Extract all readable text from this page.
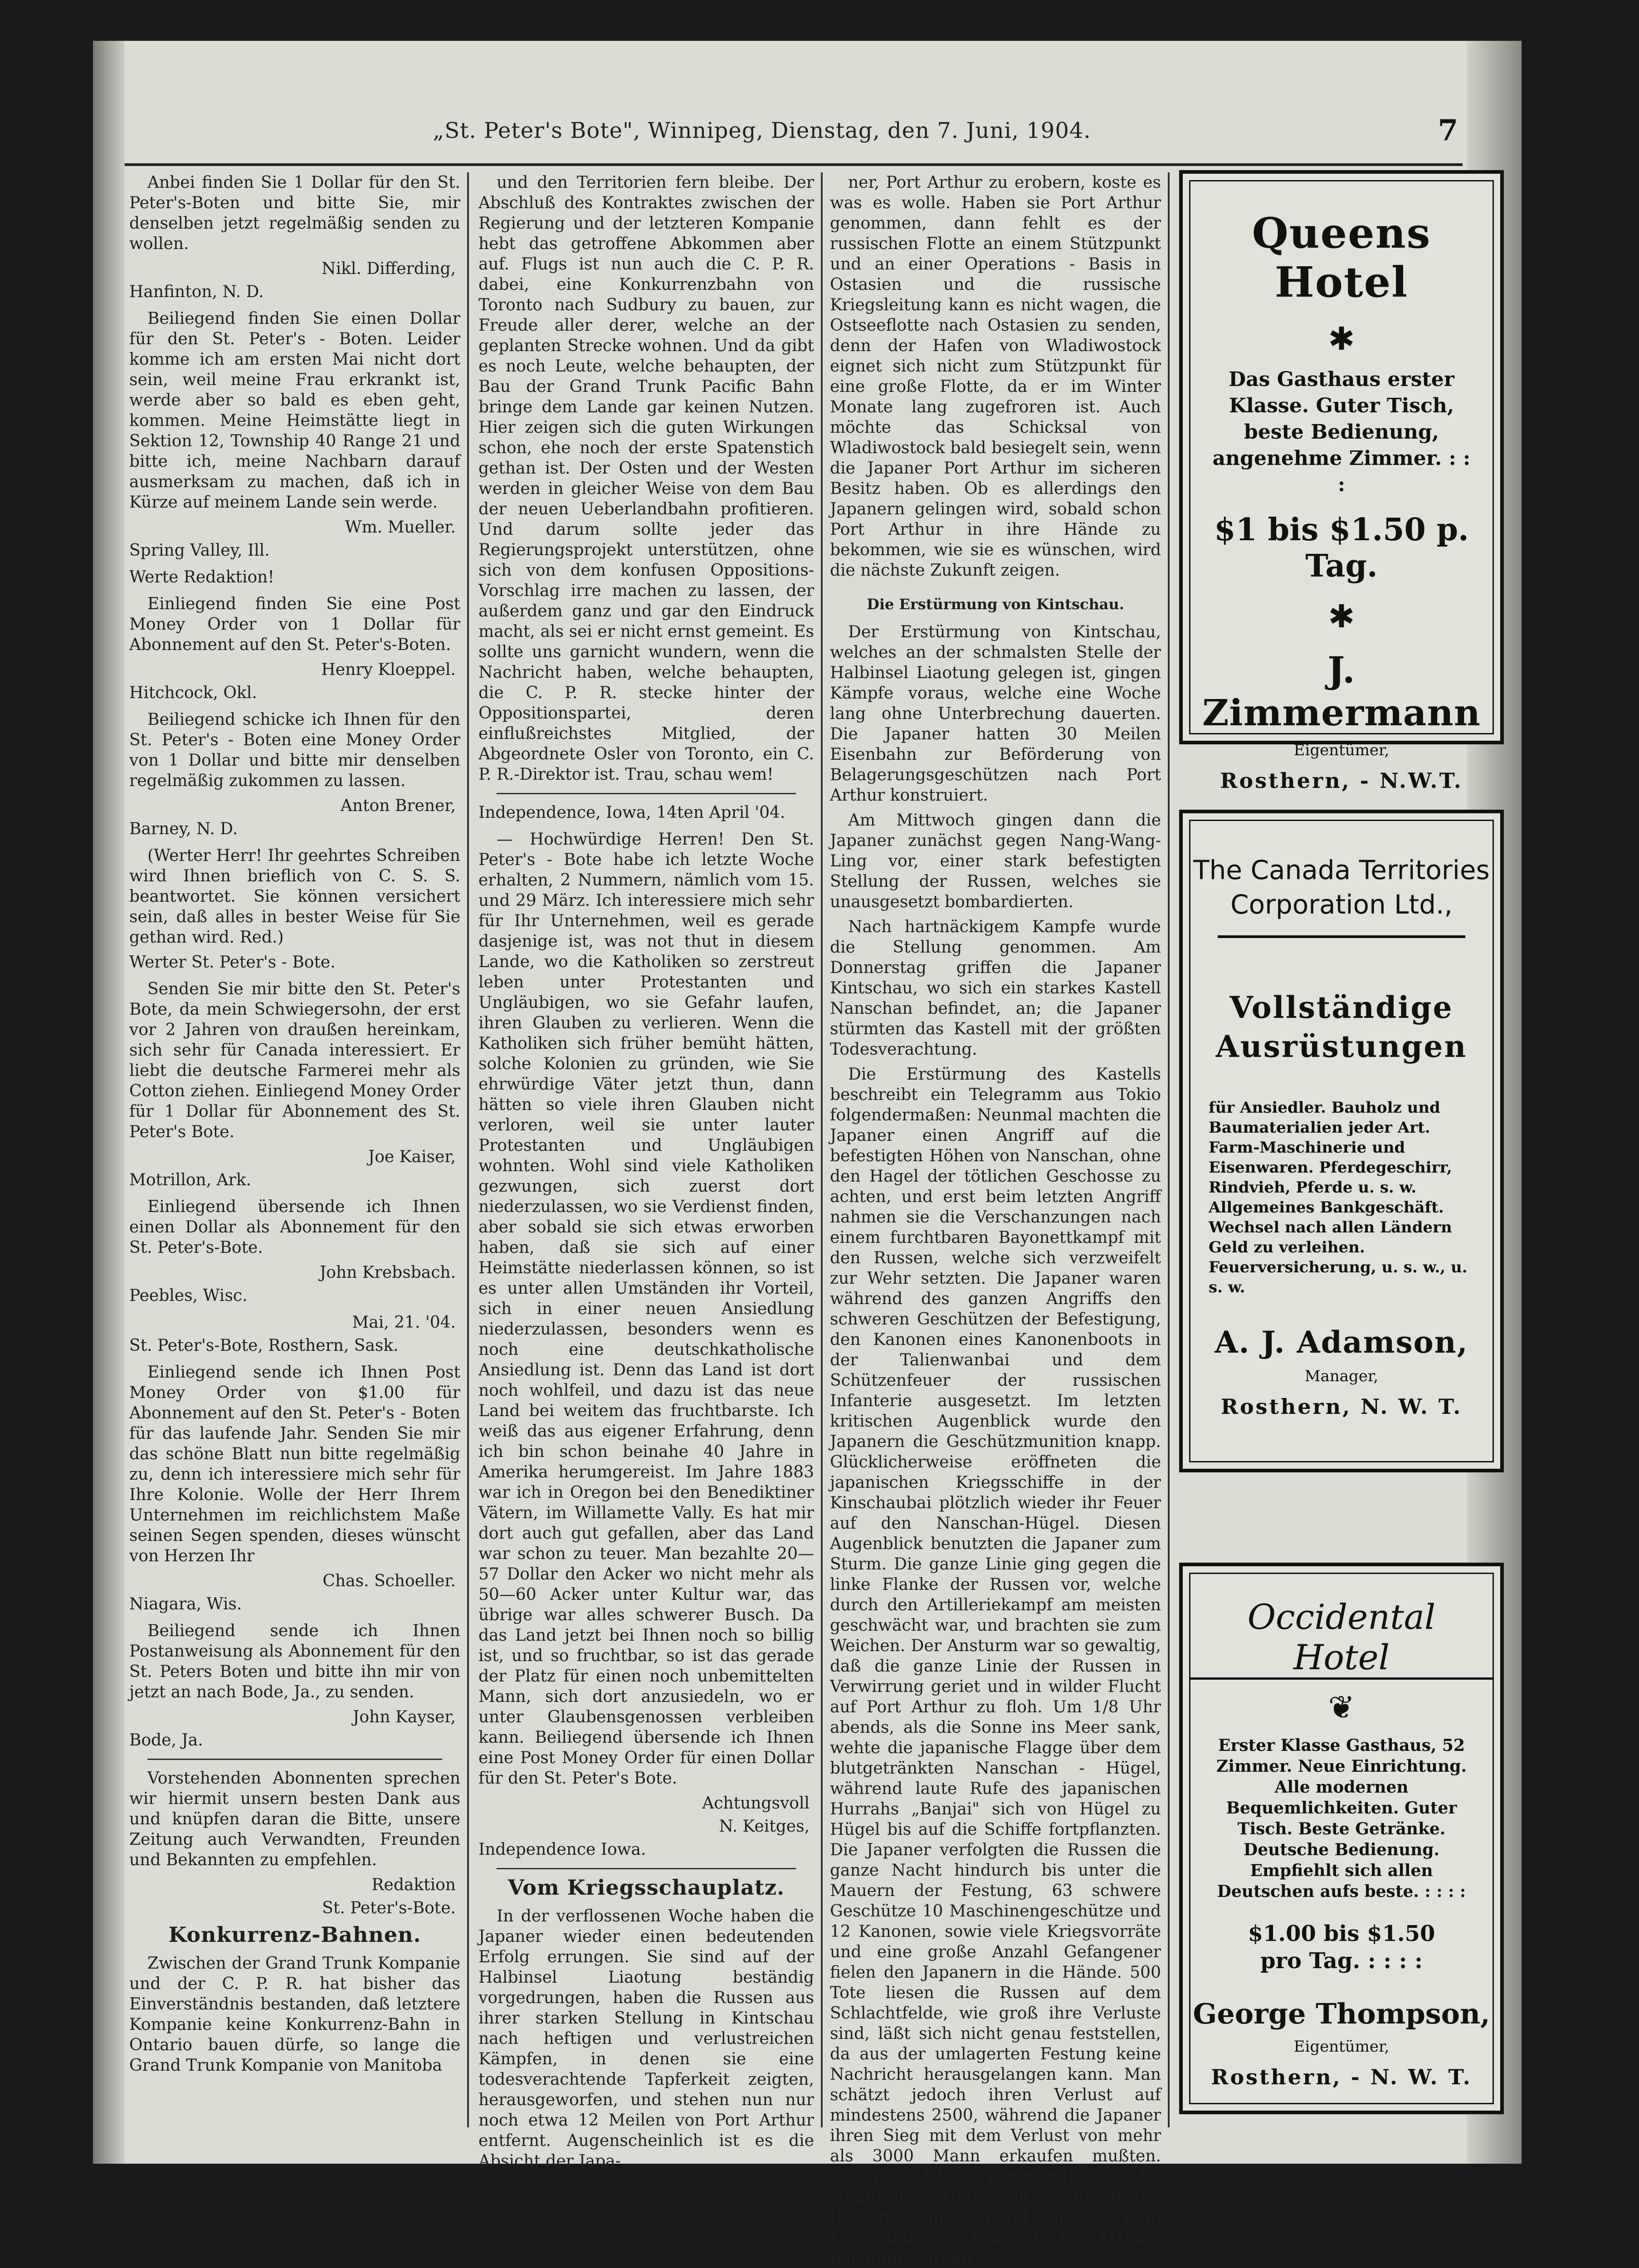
„St. Peter's Bote", Winnipeg, Dienstag, den 7. Juni, 1904.	7

Anbei finden Sie 1 Dollar für den St. Peter's-Boten und bitte Sie, mir denselben jetzt regelmäßig senden zu wollen.

Nikl. Differding,

Hanfinton, N. D.

Beiliegend finden Sie einen Dollar für den St. Peter's - Boten. Leider komme ich am ersten Mai nicht dort sein, weil meine Frau erkrankt ist, werde aber so bald es eben geht, kommen. Meine Heimstätte liegt in Sektion 12, Township 40 Range 21 und bitte ich, meine Nachbarn darauf ausmerksam zu machen, daß ich in Kürze auf meinem Lande sein werde.

Wm. Mueller.

Spring Valley, Ill.

Werte Redaktion!

Einliegend finden Sie eine Post Money Order von 1 Dollar für Abonnement auf den St. Peter's-Boten.

Henry Kloeppel.

Hitchcock, Okl.

Beiliegend schicke ich Ihnen für den St. Peter's - Boten eine Money Order von 1 Dollar und bitte mir denselben regelmäßig zukommen zu lassen.

Anton Brener,

Barney, N. D.

(Werter Herr! Ihr geehrtes Schreiben wird Ihnen brieflich von C. S. S. beantwortet. Sie können versichert sein, daß alles in bester Weise für Sie gethan wird. Red.)

Werter St. Peter's - Bote.

Senden Sie mir bitte den St. Peter's Bote, da mein Schwiegersohn, der erst vor 2 Jahren von draußen hereinkam, sich sehr für Canada interessiert. Er liebt die deutsche Farmerei mehr als Cotton ziehen. Einliegend Money Order für 1 Dollar für Abonnement des St. Peter's Bote.

Joe Kaiser,

Motrillon, Ark.

Einliegend übersende ich Ihnen einen Dollar als Abonnement für den St. Peter's-Bote.

John Krebsbach.

Peebles, Wisc.

Mai, 21. '04.

St. Peter's-Bote, Rosthern, Sask.

Einliegend sende ich Ihnen Post Money Order von $1.00 für Abonnement auf den St. Peter's - Boten für das laufende Jahr. Senden Sie mir das schöne Blatt nun bitte regelmäßig zu, denn ich interessiere mich sehr für Ihre Kolonie. Wolle der Herr Ihrem Unternehmen im reichlichstem Maße seinen Segen spenden, dieses wünscht von Herzen Ihr

Chas. Schoeller.

Niagara, Wis.

Beiliegend sende ich Ihnen Postanweisung als Abonnement für den St. Peters Boten und bitte ihn mir von jetzt an nach Bode, Ja., zu senden.

John Kayser,

Bode, Ja.

Vorstehenden Abonnenten sprechen wir hiermit unsern besten Dank aus und knüpfen daran die Bitte, unsere Zeitung auch Verwandten, Freunden und Bekannten zu empfehlen.

Redaktion

St. Peter's-Bote.

Konkurrenz-Bahnen.

Zwischen der Grand Trunk Kompanie und der C. P. R. hat bisher das Einverständnis bestanden, daß letztere Kompanie keine Konkurrenz-Bahn in Ontario bauen dürfe, so lange die Grand Trunk Kompanie von Manitoba

und den Territorien fern bleibe. Der Abschluß des Kontraktes zwischen der Regierung und der letzteren Kompanie hebt das getroffene Abkommen aber auf. Flugs ist nun auch die C. P. R. dabei, eine Konkurrenzbahn von Toronto nach Sudbury zu bauen, zur Freude aller derer, welche an der geplanten Strecke wohnen. Und da gibt es noch Leute, welche behaupten, der Bau der Grand Trunk Pacific Bahn bringe dem Lande gar keinen Nutzen. Hier zeigen sich die guten Wirkungen schon, ehe noch der erste Spatenstich gethan ist. Der Osten und der Westen werden in gleicher Weise von dem Bau der neuen Ueberlandbahn profitieren. Und darum sollte jeder das Regierungsprojekt unterstützen, ohne sich von dem konfusen Oppositions-Vorschlag irre machen zu lassen, der außerdem ganz und gar den Eindruck macht, als sei er nicht ernst gemeint. Es sollte uns garnicht wundern, wenn die Nachricht haben, welche behaupten, die C. P. R. stecke hinter der Oppositionspartei, deren einflußreichstes Mitglied, der Abgeordnete Osler von Toronto, ein C. P. R.-Direktor ist. Trau, schau wem!

Independence, Iowa, 14ten April '04.

— Hochwürdige Herren! Den St. Peter's - Bote habe ich letzte Woche erhalten, 2 Nummern, nämlich vom 15. und 29 März. Ich interessiere mich sehr für Ihr Unternehmen, weil es gerade dasjenige ist, was not thut in diesem Lande, wo die Katholiken so zerstreut leben unter Protestanten und Ungläubigen, wo sie Gefahr laufen, ihren Glauben zu verlieren. Wenn die Katholiken sich früher bemüht hätten, solche Kolonien zu gründen, wie Sie ehrwürdige Väter jetzt thun, dann hätten so viele ihren Glauben nicht verloren, weil sie unter lauter Protestanten und Ungläubigen wohnten. Wohl sind viele Katholiken gezwungen, sich zuerst dort niederzulassen, wo sie Verdienst finden, aber sobald sie sich etwas erworben haben, daß sie sich auf einer Heimstätte niederlassen können, so ist es unter allen Umständen ihr Vorteil, sich in einer neuen Ansiedlung niederzulassen, besonders wenn es noch eine deutschkatholische Ansiedlung ist. Denn das Land ist dort noch wohlfeil, und dazu ist das neue Land bei weitem das fruchtbarste. Ich weiß das aus eigener Erfahrung, denn ich bin schon beinahe 40 Jahre in Amerika herumgereist. Im Jahre 1883 war ich in Oregon bei den Benediktiner Vätern, im Willamette Vally. Es hat mir dort auch gut gefallen, aber das Land war schon zu teuer. Man bezahlte 20—57 Dollar den Acker wo nicht mehr als 50—60 Acker unter Kultur war, das übrige war alles schwerer Busch. Da das Land jetzt bei Ihnen noch so billig ist, und so fruchtbar, so ist das gerade der Platz für einen noch unbemittelten Mann, sich dort anzusiedeln, wo er unter Glaubensgenossen verbleiben kann. Beiliegend übersende ich Ihnen eine Post Money Order für einen Dollar für den St. Peter's Bote.

Achtungsvoll

N. Keitges,

Independence Iowa.

Vom Kriegsschauplatz.

In der verflossenen Woche haben die Japaner wieder einen bedeutenden Erfolg errungen. Sie sind auf der Halbinsel Liaotung beständig vorgedrungen, haben die Russen aus ihrer starken Stellung in Kintschau nach heftigen und verlustreichen Kämpfen, in denen sie eine todesverachtende Tapferkeit zeigten, herausgeworfen, und stehen nun nur noch etwa 12 Meilen von Port Arthur entfernt. Augenscheinlich ist es die Absicht der Japa-

ner, Port Arthur zu erobern, koste es was es wolle. Haben sie Port Arthur genommen, dann fehlt es der russischen Flotte an einem Stützpunkt und an einer Operations - Basis in Ostasien und die russische Kriegsleitung kann es nicht wagen, die Ostseeflotte nach Ostasien zu senden, denn der Hafen von Wladiwostock eignet sich nicht zum Stützpunkt für eine große Flotte, da er im Winter Monate lang zugefroren ist. Auch möchte das Schicksal von Wladiwostock bald besiegelt sein, wenn die Japaner Port Arthur im sicheren Besitz haben. Ob es allerdings den Japanern gelingen wird, sobald schon Port Arthur in ihre Hände zu bekommen, wie sie es wünschen, wird die nächste Zukunft zeigen.

Die Erstürmung von Kintschau.

Der Erstürmung von Kintschau, welches an der schmalsten Stelle der Halbinsel Liaotung gelegen ist, gingen Kämpfe voraus, welche eine Woche lang ohne Unterbrechung dauerten. Die Japaner hatten 30 Meilen Eisenbahn zur Beförderung von Belagerungsgeschützen nach Port Arthur konstruiert.

Am Mittwoch gingen dann die Japaner zunächst gegen Nang-Wang-Ling vor, einer stark befestigten Stellung der Russen, welches sie unausgesetzt bombardierten.

Nach hartnäckigem Kampfe wurde die Stellung genommen. Am Donnerstag griffen die Japaner Kintschau, wo sich ein starkes Kastell Nanschan befindet, an; die Japaner stürmten das Kastell mit der größten Todesverachtung.

Die Erstürmung des Kastells beschreibt ein Telegramm aus Tokio folgendermaßen: Neunmal machten die Japaner einen Angriff auf die befestigten Höhen von Nanschan, ohne den Hagel der tötlichen Geschosse zu achten, und erst beim letzten Angriff nahmen sie die Verschanzungen nach einem furchtbaren Bayonettkampf mit den Russen, welche sich verzweifelt zur Wehr setzten. Die Japaner waren während des ganzen Angriffs den schweren Geschützen der Befestigung, den Kanonen eines Kanonenboots in der Talienwanbai und dem Schützenfeuer der russischen Infanterie ausgesetzt. Im letzten kritischen Augenblick wurde den Japanern die Geschützmunition knapp. Glücklicherweise eröffneten die japanischen Kriegsschiffe in der Kinschaubai plötzlich wieder ihr Feuer auf den Nanschan-Hügel. Diesen Augenblick benutzten die Japaner zum Sturm. Die ganze Linie ging gegen die linke Flanke der Russen vor, welche durch den Artilleriekampf am meisten geschwächt war, und brachten sie zum Weichen. Der Ansturm war so gewaltig, daß die ganze Linie der Russen in Verwirrung geriet und in wilder Flucht auf Port Arthur zu floh. Um 1/8 Uhr abends, als die Sonne ins Meer sank, wehte die japanische Flagge über dem blutgetränkten Nanschan - Hügel, während laute Rufe des japanischen Hurrahs „Banjai" sich von Hügel zu Hügel bis auf die Schiffe fortpflanzten. Die Japaner verfolgten die Russen die ganze Nacht hindurch bis unter die Mauern der Festung, 63 schwere Geschütze 10 Maschinengeschütze und 12 Kanonen, sowie viele Kriegsvorräte und eine große Anzahl Gefangener fielen den Japanern in die Hände. 500 Tote liesen die Russen auf dem Schlachtfelde, wie groß ihre Verluste sind, läßt sich nicht genau feststellen, da aus der umlagerten Festung keine Nachricht herausgelangen kann. Man schätzt jedoch ihren Verlust auf mindestens 2500, während die Japaner ihren Sieg mit dem Verlust von mehr als 3000 Mann erkaufen mußten. General Oku kommandierte die japanische Streitmacht, während die Russen vom General Stößel, dem Kommandeur von Port Arthurs befehligt wurden.

Queens Hotel
✱
Das Gasthaus erster Klasse. Guter Tisch, beste Bedienung, angenehme Zimmer. : : :
$1 bis $1.50 p. Tag.
✱
J. Zimmermann
Eigentümer,
Rosthern, - N.W.T.
The Canada Territories
Corporation Ltd.,
Vollständige
Ausrüstungen
für Ansiedler. Bauholz und Baumaterialien jeder Art. Farm-Maschinerie und Eisenwaren. Pferdegeschirr, Rindvieh, Pferde u. s. w. Allgemeines Bankgeschäft. Wechsel nach allen Ländern Geld zu verleihen. Feuerversicherung, u. s. w., u. s. w.
A. J. Adamson,
Manager,
Rosthern, N. W. T.
Occidental Hotel
❦
Erster Klasse Gasthaus, 52 Zimmer. Neue Einrichtung. Alle modernen Bequemlichkeiten. Guter Tisch. Beste Getränke. Deutsche Bedienung. Empfiehlt sich allen Deutschen aufs beste. : : : :
$1.00 bis $1.50
pro Tag. : : : :
George Thompson,
Eigentümer,
Rosthern, - N. W. T.
